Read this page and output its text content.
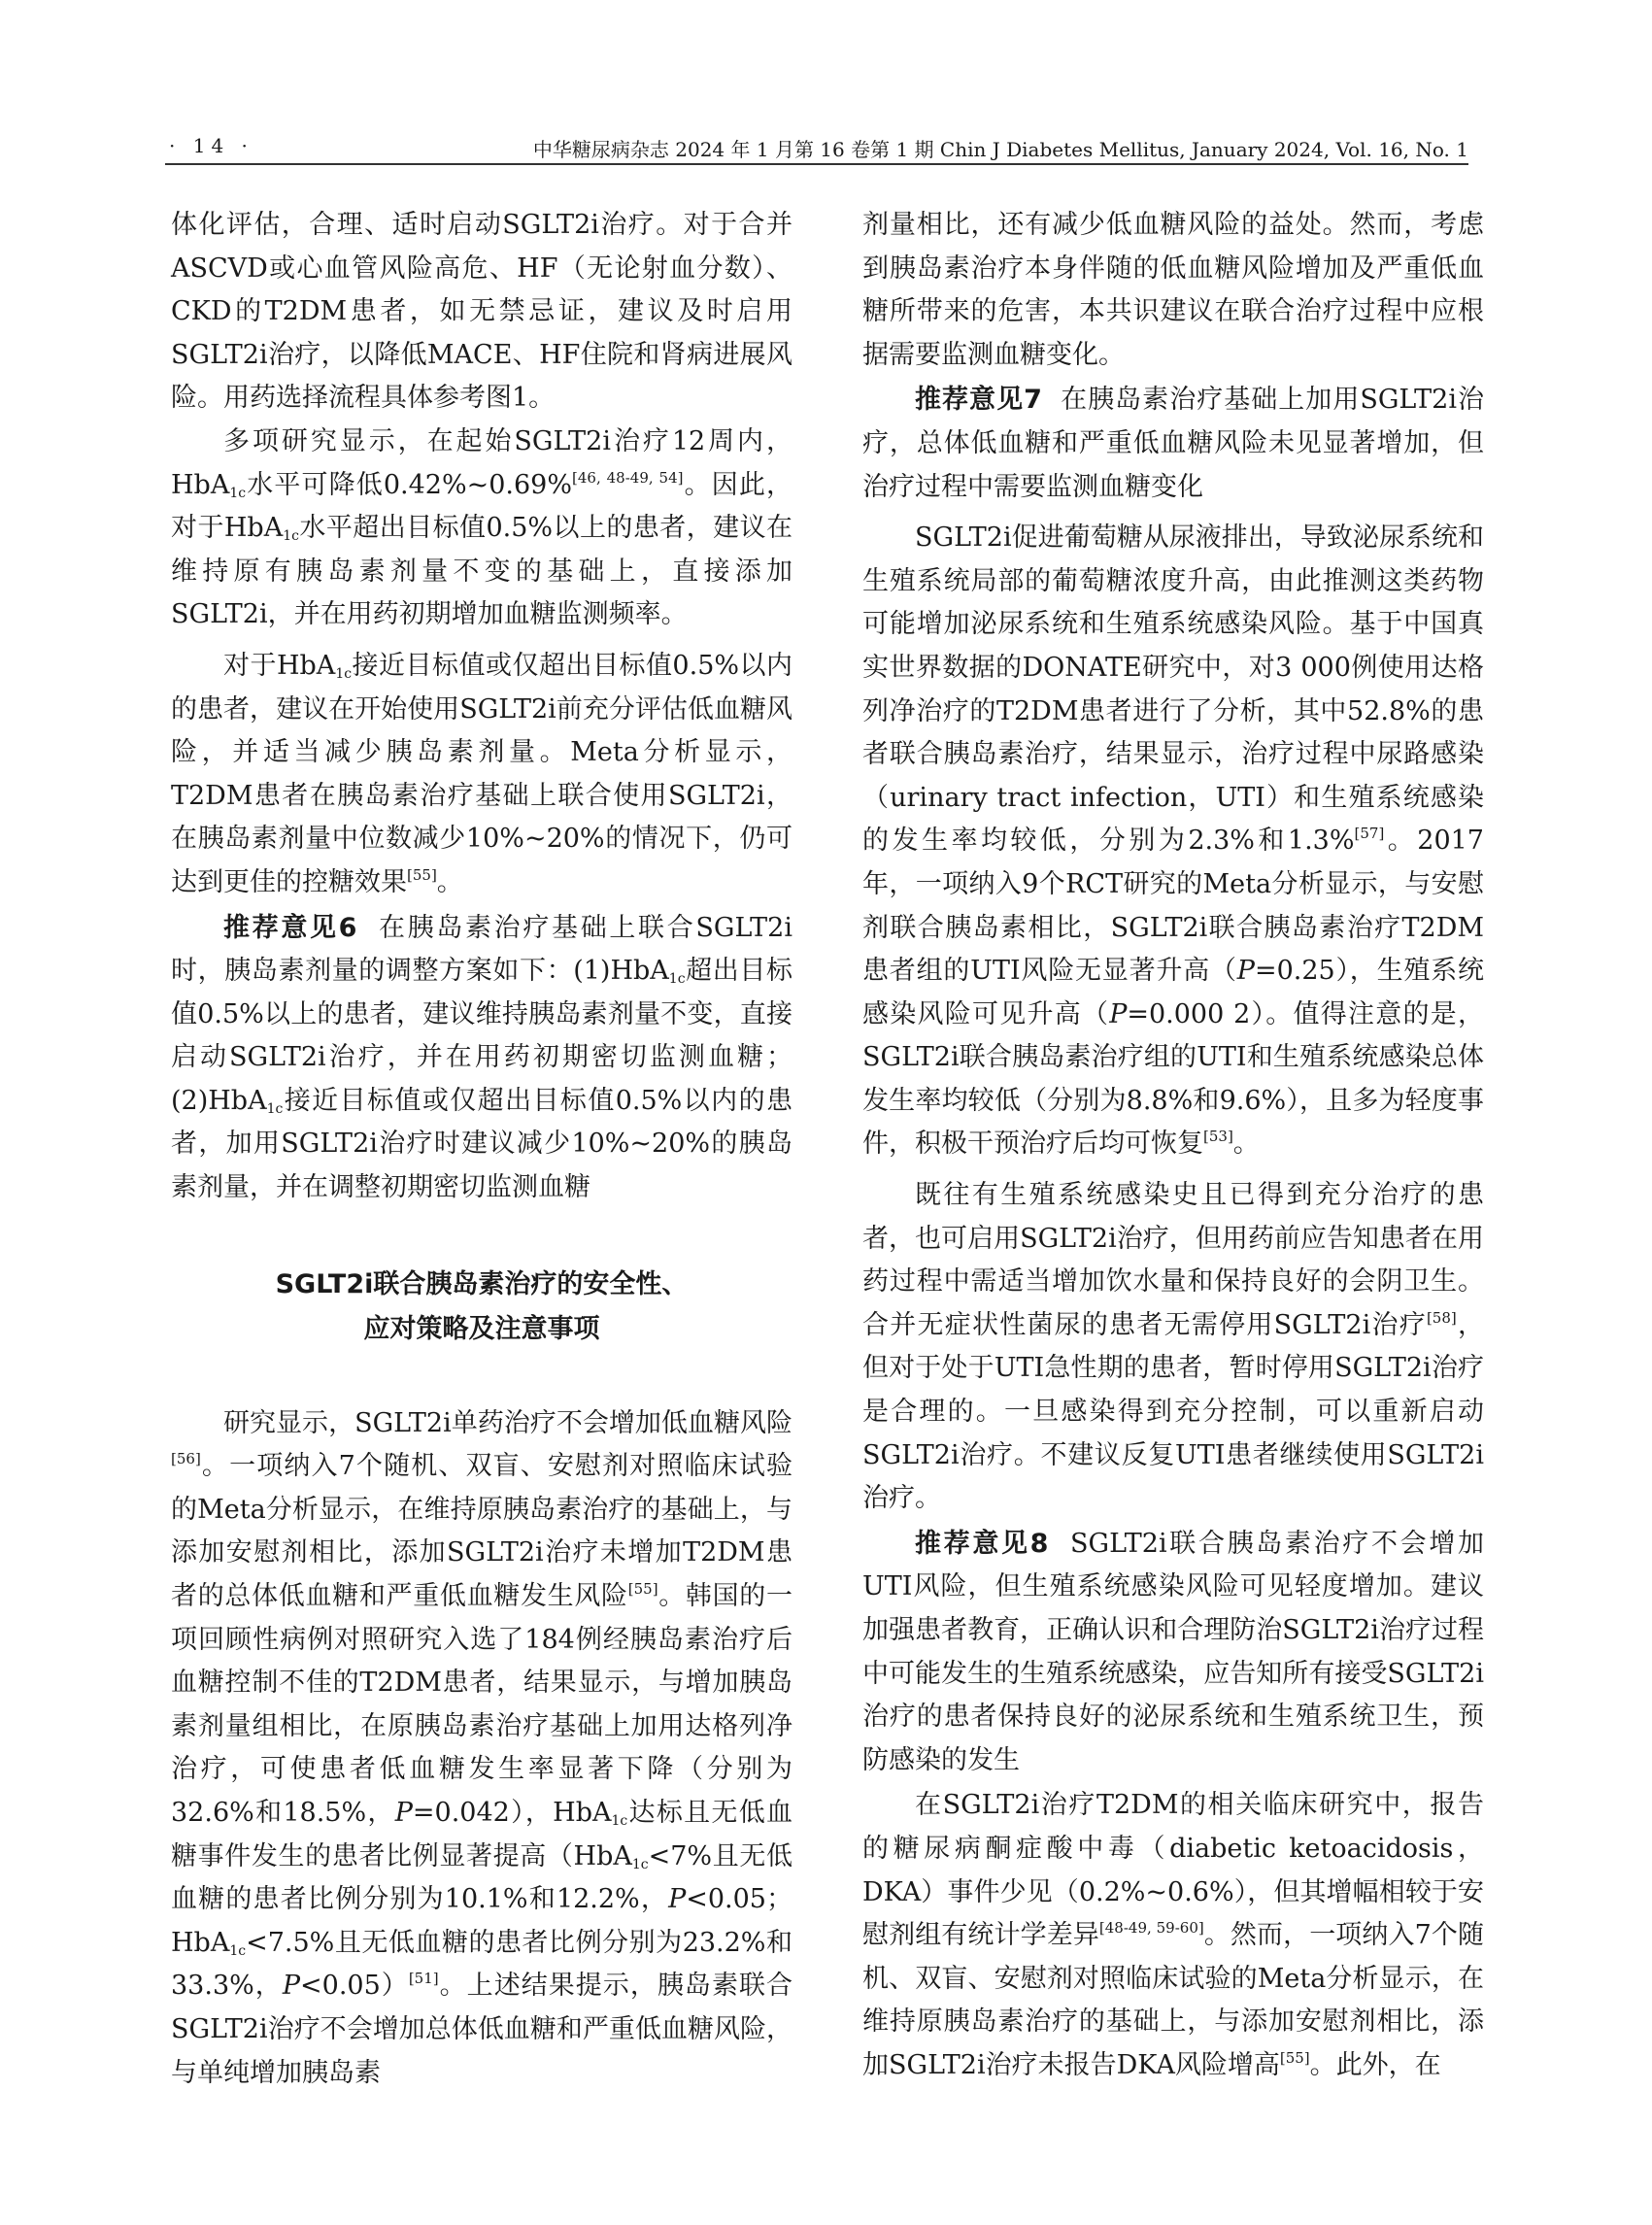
· 14 ·	中华糖尿病杂志 2024 年 1 月第 16 卷第 1 期 Chin J Diabetes Mellitus, January 2024, Vol. 16, No. 1

体化评估，合理、适时启动SGLT2i治疗。对于合并ASCVD或心血管风险高危、HF（无论射血分数）、CKD的T2DM患者，如无禁忌证，建议及时启用SGLT2i治疗，以降低MACE、HF住院和肾病进展风险。用药选择流程具体参考图1。

多项研究显示，在起始SGLT2i治疗12周内，HbA$_{1c}$水平可降低0.42%~0.69%[46, 48-49, 54]。因此，对于HbA$_{1c}$水平超出目标值0.5%以上的患者，建议在维持原有胰岛素剂量不变的基础上，直接添加SGLT2i，并在用药初期增加血糖监测频率。

对于HbA$_{1c}$接近目标值或仅超出目标值0.5%以内的患者，建议在开始使用SGLT2i前充分评估低血糖风险，并适当减少胰岛素剂量。Meta分析显示，T2DM患者在胰岛素治疗基础上联合使用SGLT2i，在胰岛素剂量中位数减少10%~20%的情况下，仍可达到更佳的控糖效果[55]。

推荐意见6 在胰岛素治疗基础上联合SGLT2i时，胰岛素剂量的调整方案如下：(1)HbA$_{1c}$超出目标值0.5%以上的患者，建议维持胰岛素剂量不变，直接启动SGLT2i治疗，并在用药初期密切监测血糖；(2)HbA$_{1c}$接近目标值或仅超出目标值0.5%以内的患者，加用SGLT2i治疗时建议减少10%~20%的胰岛素剂量，并在调整初期密切监测血糖

SGLT2i联合胰岛素治疗的安全性、
应对策略及注意事项

研究显示，SGLT2i单药治疗不会增加低血糖风险[56]。一项纳入7个随机、双盲、安慰剂对照临床试验的Meta分析显示，在维持原胰岛素治疗的基础上，与添加安慰剂相比，添加SGLT2i治疗未增加T2DM患者的总体低血糖和严重低血糖发生风险[55]。韩国的一项回顾性病例对照研究入选了184例经胰岛素治疗后血糖控制不佳的T2DM患者，结果显示，与增加胰岛素剂量组相比，在原胰岛素治疗基础上加用达格列净治疗，可使患者低血糖发生率显著下降（分别为32.6%和18.5%，P=0.042），HbA$_{1c}$达标且无低血糖事件发生的患者比例显著提高（HbA$_{1c}$<7%且无低血糖的患者比例分别为10.1%和12.2%，P<0.05；HbA$_{1c}$<7.5%且无低血糖的患者比例分别为23.2%和33.3%，P<0.05）[51]。上述结果提示，胰岛素联合SGLT2i治疗不会增加总体低血糖和严重低血糖风险，与单纯增加胰岛素

剂量相比，还有减少低血糖风险的益处。然而，考虑到胰岛素治疗本身伴随的低血糖风险增加及严重低血糖所带来的危害，本共识建议在联合治疗过程中应根据需要监测血糖变化。

推荐意见7 在胰岛素治疗基础上加用SGLT2i治疗，总体低血糖和严重低血糖风险未见显著增加，但治疗过程中需要监测血糖变化

SGLT2i促进葡萄糖从尿液排出，导致泌尿系统和生殖系统局部的葡萄糖浓度升高，由此推测这类药物可能增加泌尿系统和生殖系统感染风险。基于中国真实世界数据的DONATE研究中，对3 000例使用达格列净治疗的T2DM患者进行了分析，其中52.8%的患者联合胰岛素治疗，结果显示，治疗过程中尿路感染（urinary tract infection，UTI）和生殖系统感染的发生率均较低，分别为2.3%和1.3%[57]。2017年，一项纳入9个RCT研究的Meta分析显示，与安慰剂联合胰岛素相比，SGLT2i联合胰岛素治疗T2DM患者组的UTI风险无显著升高（P=0.25），生殖系统感染风险可见升高（P=0.000 2）。值得注意的是，SGLT2i联合胰岛素治疗组的UTI和生殖系统感染总体发生率均较低（分别为8.8%和9.6%），且多为轻度事件，积极干预治疗后均可恢复[53]。

既往有生殖系统感染史且已得到充分治疗的患者，也可启用SGLT2i治疗，但用药前应告知患者在用药过程中需适当增加饮水量和保持良好的会阴卫生。合并无症状性菌尿的患者无需停用SGLT2i治疗[58]，但对于处于UTI急性期的患者，暂时停用SGLT2i治疗是合理的。一旦感染得到充分控制，可以重新启动SGLT2i治疗。不建议反复UTI患者继续使用SGLT2i治疗。

推荐意见8 SGLT2i联合胰岛素治疗不会增加UTI风险，但生殖系统感染风险可见轻度增加。建议加强患者教育，正确认识和合理防治SGLT2i治疗过程中可能发生的生殖系统感染，应告知所有接受SGLT2i治疗的患者保持良好的泌尿系统和生殖系统卫生，预防感染的发生

在SGLT2i治疗T2DM的相关临床研究中，报告的糖尿病酮症酸中毒（diabetic ketoacidosis，DKA）事件少见（0.2%~0.6%），但其增幅相较于安慰剂组有统计学差异[48-49, 59-60]。然而，一项纳入7个随机、双盲、安慰剂对照临床试验的Meta分析显示，在维持原胰岛素治疗的基础上，与添加安慰剂相比，添加SGLT2i治疗未报告DKA风险增高[55]。此外，在
